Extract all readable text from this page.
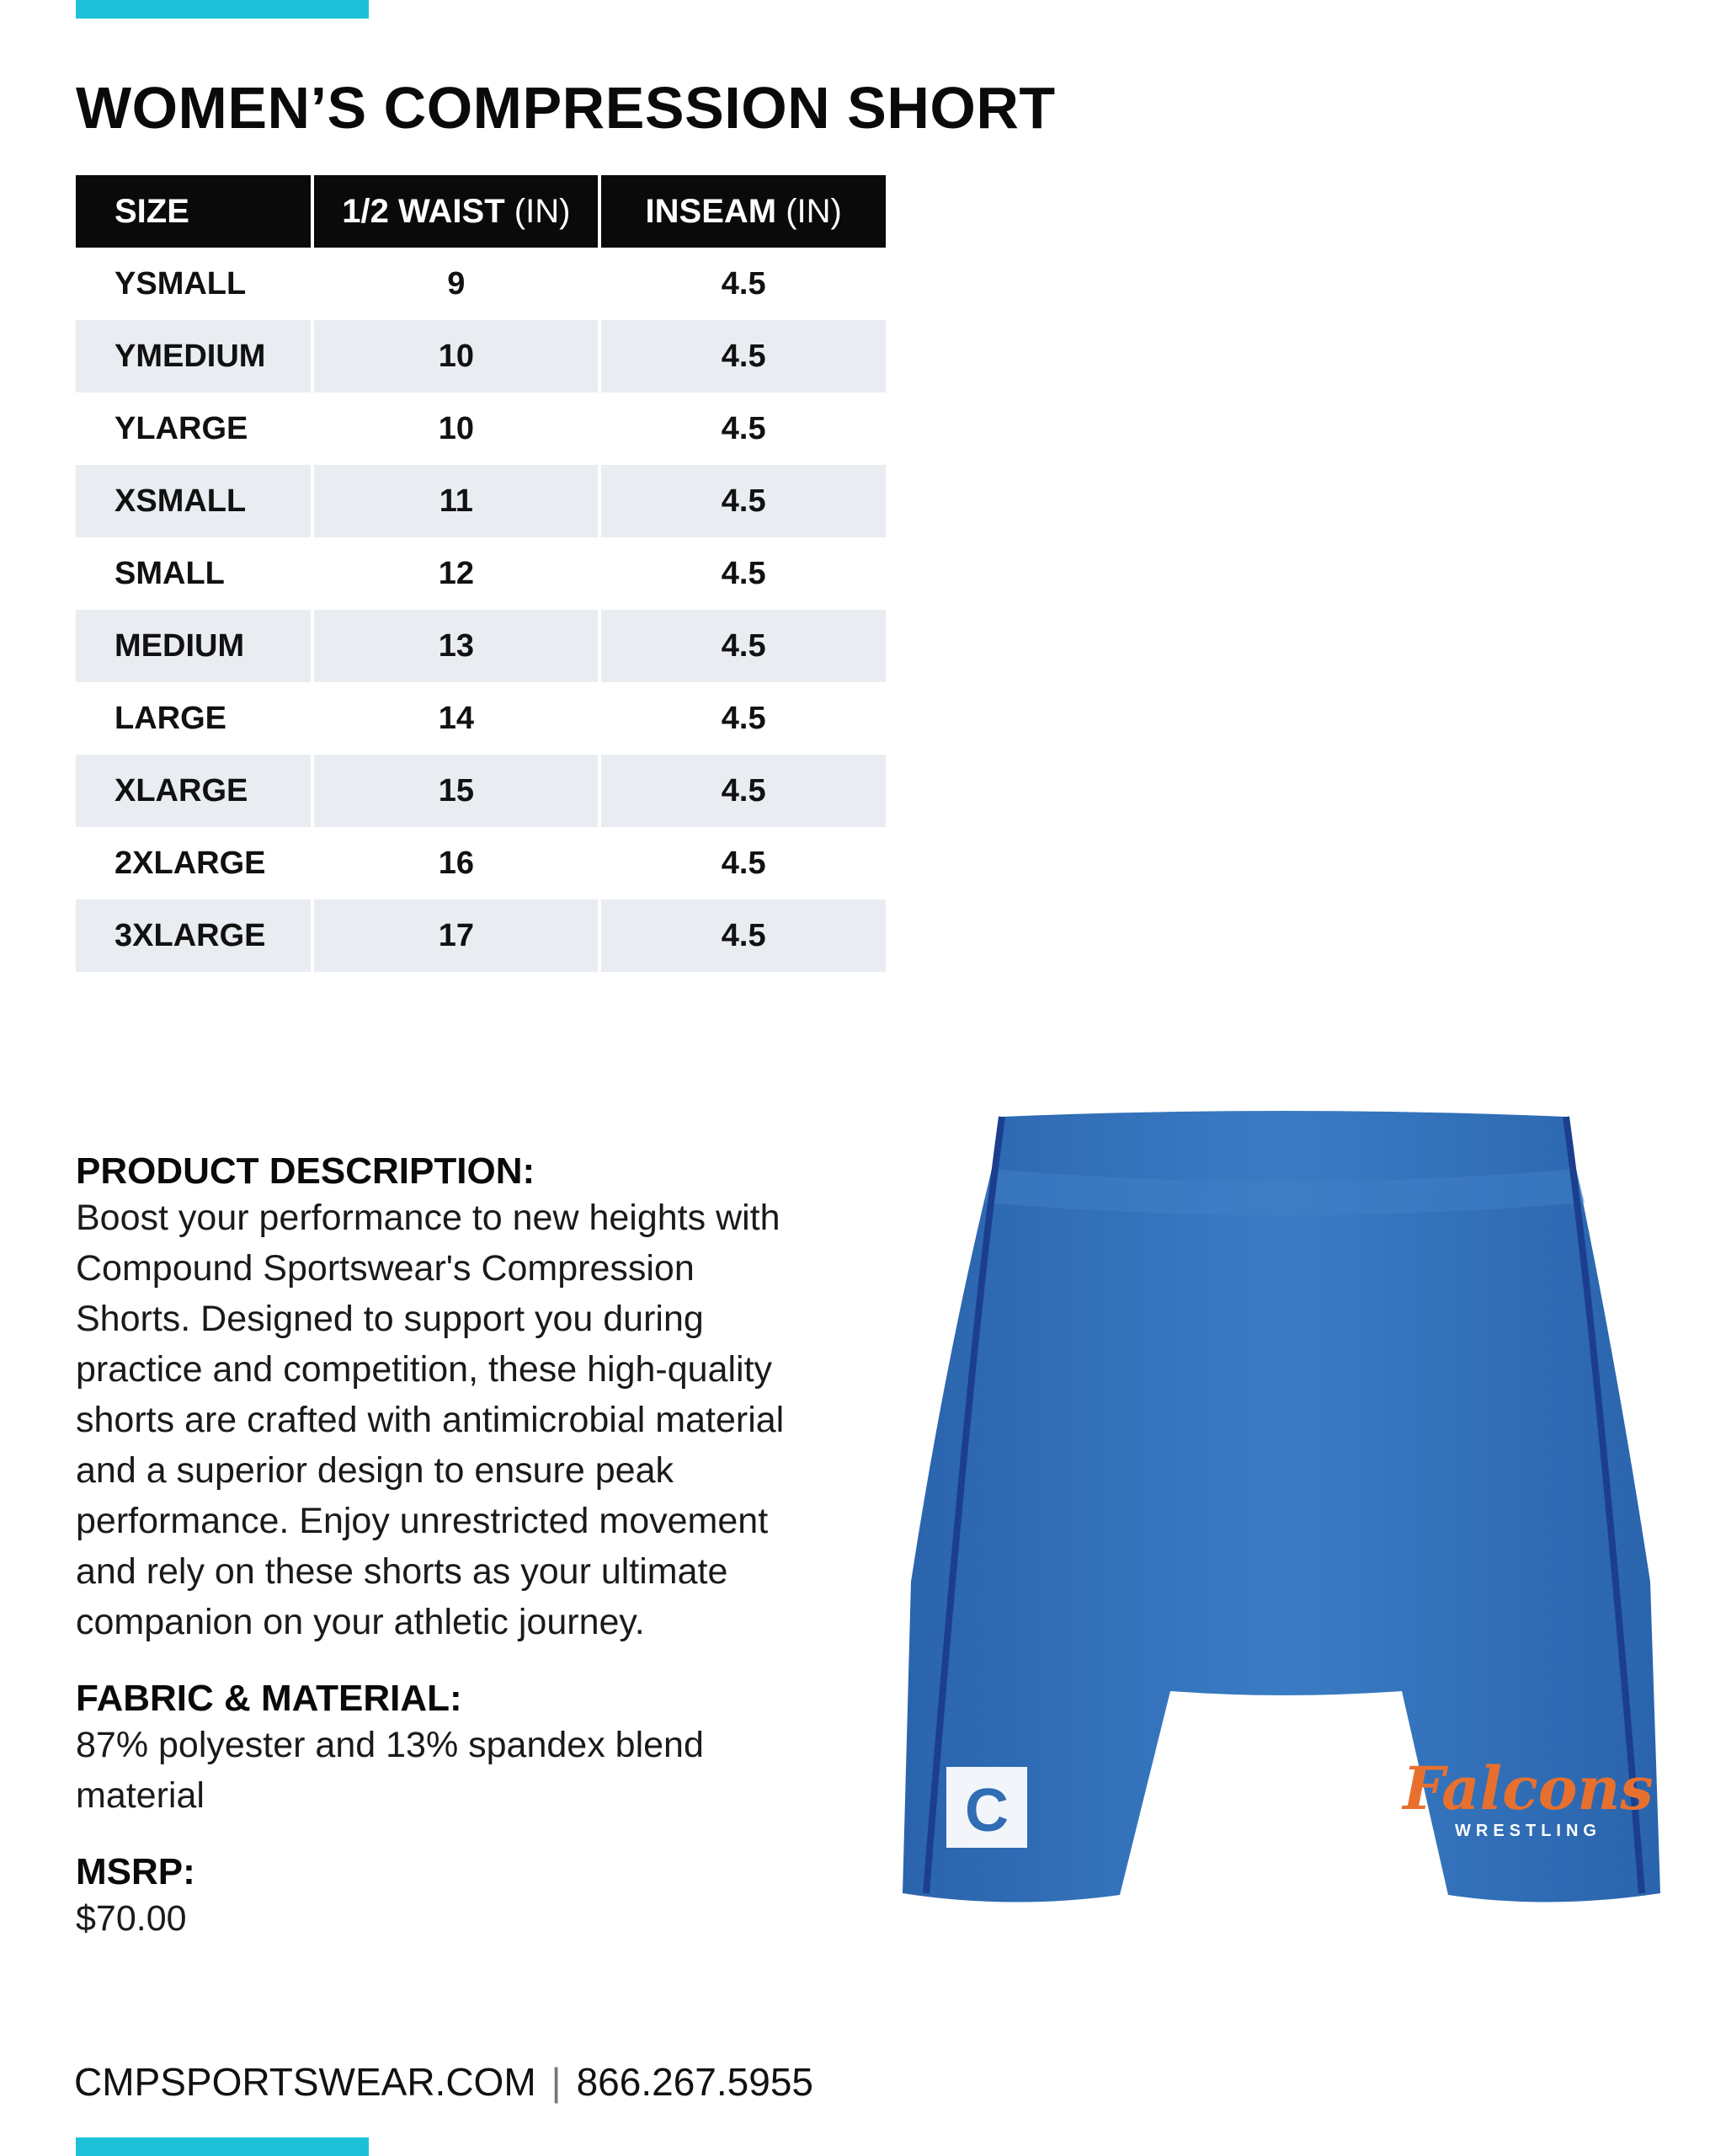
WOMEN’S COMPRESSION SHORT
SIZE	1/2 WAIST (IN)	INSEAM (IN)
YSMALL	9	4.5
YMEDIUM	10	4.5
YLARGE	10	4.5
XSMALL	11	4.5
SMALL	12	4.5
MEDIUM	13	4.5
LARGE	14	4.5
XLARGE	15	4.5
2XLARGE	16	4.5
3XLARGE	17	4.5
PRODUCT DESCRIPTION:

Boost your performance to new heights with

Compound Sportswear's Compression

Shorts. Designed to support you during

practice and competition, these high-quality

shorts are crafted with antimicrobial material

and a superior design to ensure peak

performance. Enjoy unrestricted movement

and rely on these shorts as your ultimate

companion on your athletic journey.

FABRIC & MATERIAL:

87% polyester and 13% spandex blend

material

MSRP:

$70.00

C	Falcons
WRESTLING
CMPSPORTSWEAR.COM | 866.267.5955
